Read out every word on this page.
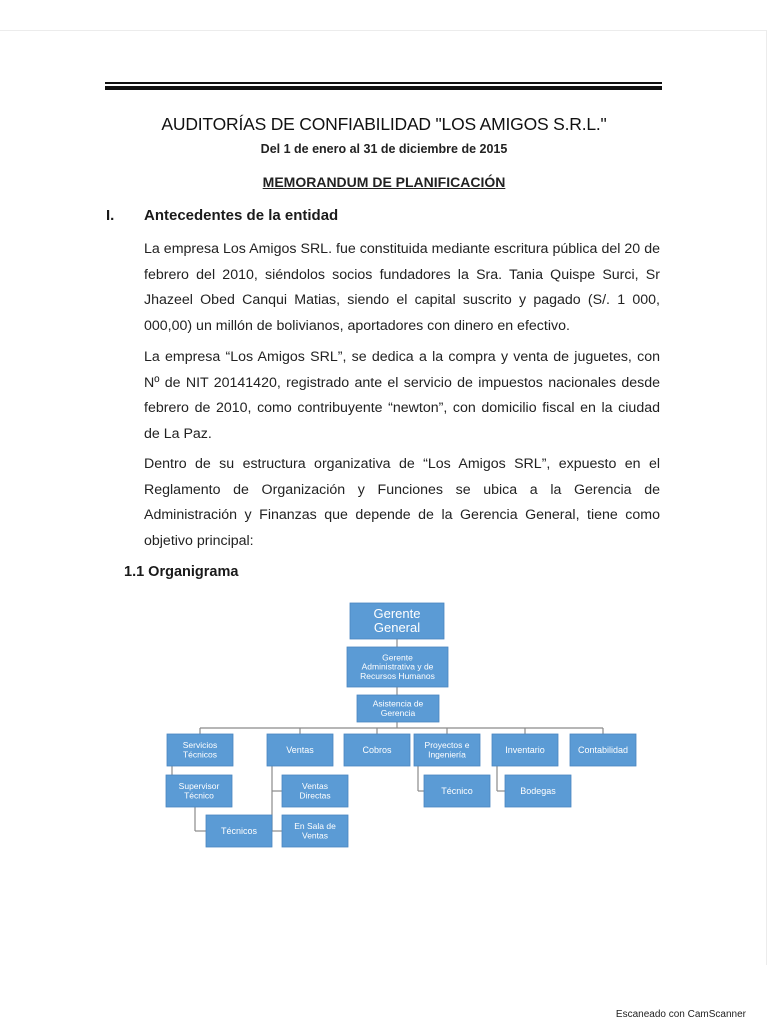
AUDITORÍAS DE CONFIABILIDAD "LOS AMIGOS S.R.L."
Del 1 de enero al 31 de diciembre de 2015
MEMORANDUM DE PLANIFICACIÓN
I. Antecedentes de la entidad
La empresa Los Amigos SRL. fue constituida mediante escritura pública del 20 de febrero del 2010, siéndolos socios fundadores la Sra. Tania Quispe Surci, Sr Jhazeel Obed Canqui Matias, siendo el capital suscrito y pagado (S/. 1 000, 000,00) un millón de bolivianos, aportadores con dinero en efectivo.
La empresa “Los Amigos SRL”, se dedica a la compra y venta de juguetes, con Nº de NIT 20141420, registrado ante el servicio de impuestos nacionales desde febrero de 2010, como contribuyente “newton”, con domicilio fiscal en la ciudad de La Paz.
Dentro de su estructura organizativa de “Los Amigos SRL”, expuesto en el Reglamento de Organización y Funciones se ubica a la Gerencia de Administración y Finanzas que depende de la Gerencia General, tiene como objetivo principal:
1.1 Organigrama
Gerente
General
Gerente
Administrativa y de
Recursos Humanos
Asistencia de
Gerencia
Servicios
Técnicos	Ventas	Cobros	Proyectos e
Ingeniería	Inventario	Contabilidad
Supervisor
Técnico
Técnicos
Ventas
Directas
En Sala de
Ventas
Técnico	Bodegas
Escaneado con CamScanner
